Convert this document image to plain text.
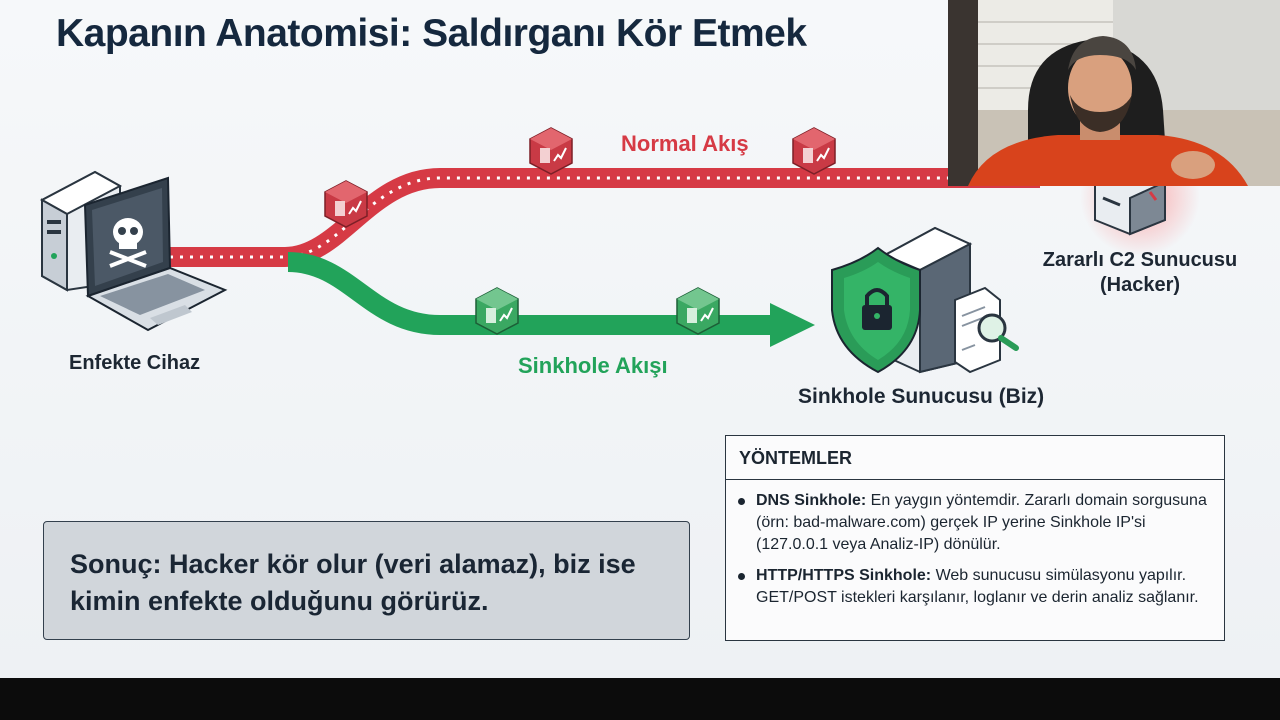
Kapanın Anatomisi: Saldırganı Kör Etmek
Enfekte Cihaz
Normal Akış
Sinkhole Akışı
Sinkhole Sunucusu (Biz)
Zararlı C2 Sunucusu
(Hacker)
Sonuç: Hacker kör olur (veri alamaz), biz ise
kimin enfekte olduğunu görürüz.
YÖNTEMLER
DNS Sinkhole: En yaygın yöntemdir. Zararlı domain sorgusuna (örn: bad-malware.com) gerçek IP yerine Sinkhole IP'si (127.0.0.1 veya Analiz-IP) dönülür.
HTTP/HTTPS Sinkhole: Web sunucusu simülasyonu yapılır. GET/POST istekleri karşılanır, loglanır ve derin analiz sağlanır.
